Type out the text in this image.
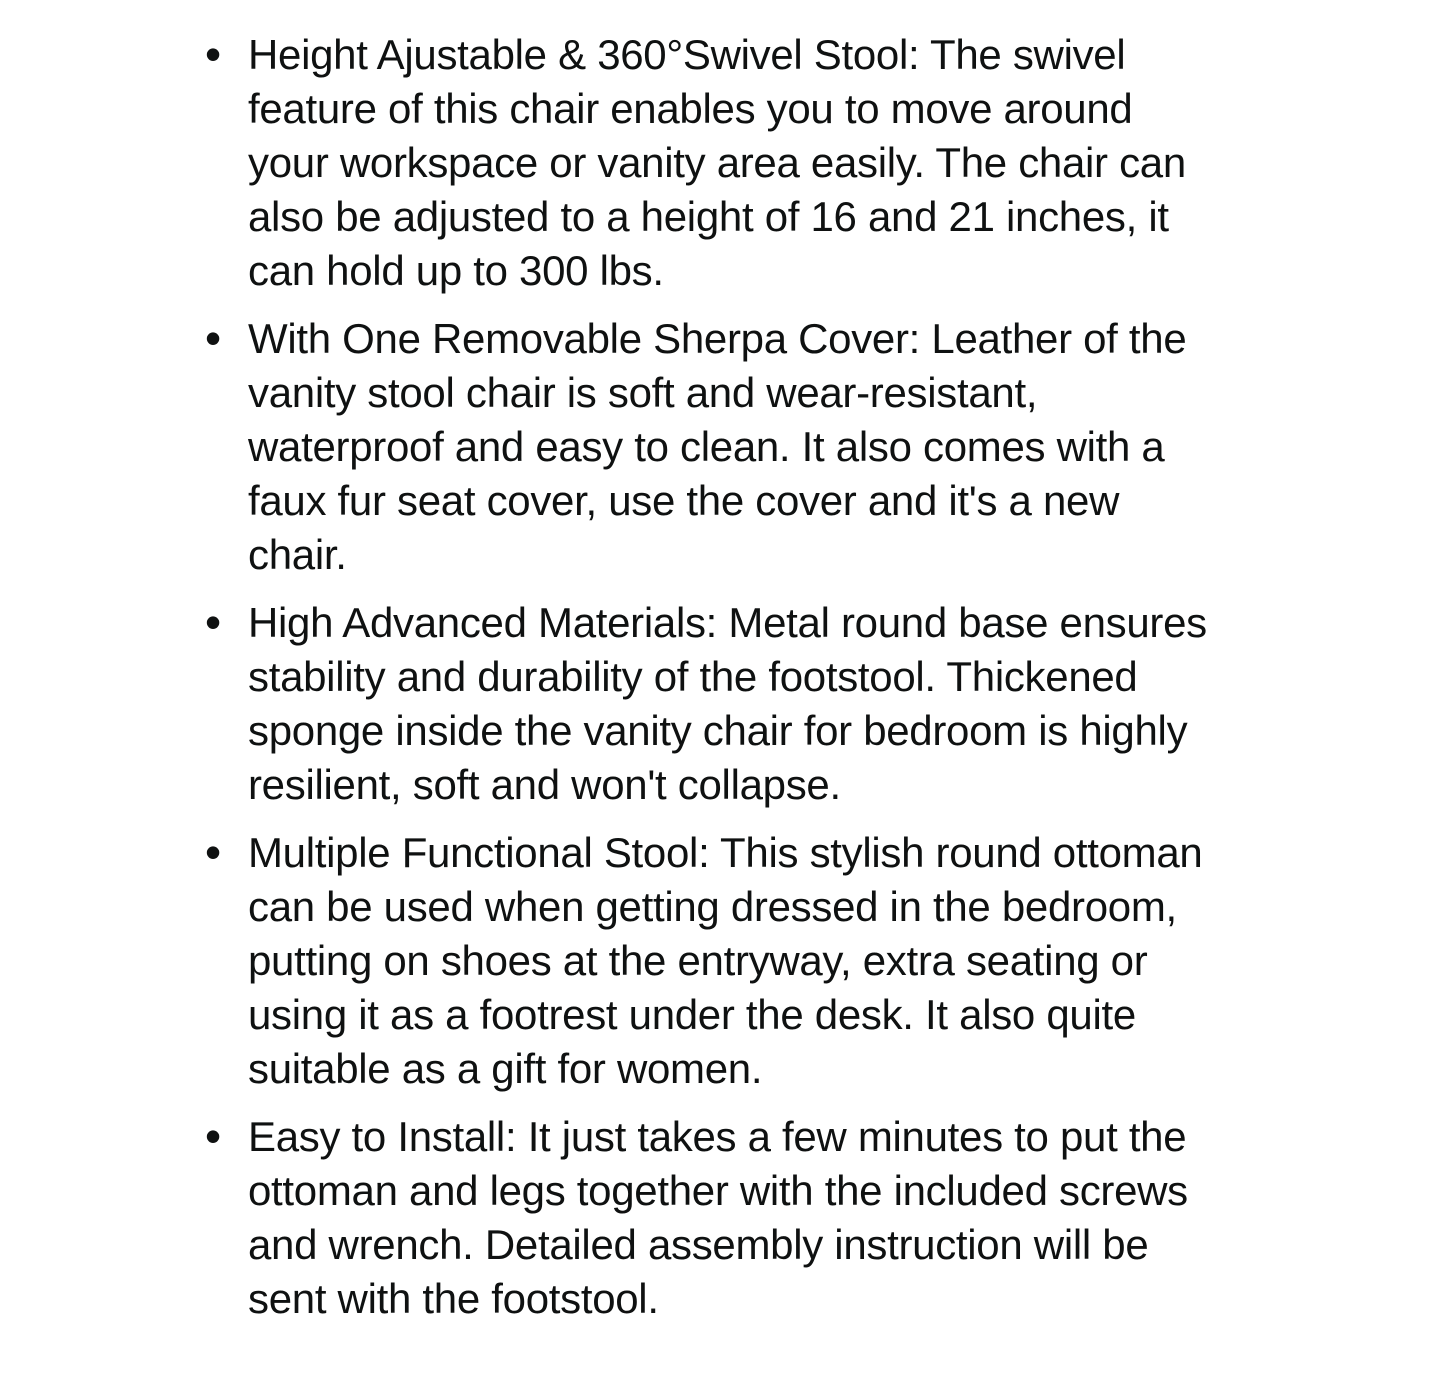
• Height Ajustable & 360°Swivel Stool: The swivel feature of this chair enables you to move around your workspace or vanity area easily. The chair can also be adjusted to a height of 16 and 21 inches, it can hold up to 300 lbs.
• With One Removable Sherpa Cover: Leather of the vanity stool chair is soft and wear-resistant, waterproof and easy to clean. It also comes with a faux fur seat cover, use the cover and it's a new chair.
• High Advanced Materials: Metal round base ensures stability and durability of the footstool. Thickened sponge inside the vanity chair for bedroom is highly resilient, soft and won't collapse.
• Multiple Functional Stool: This stylish round ottoman can be used when getting dressed in the bedroom, putting on shoes at the entryway, extra seating or using it as a footrest under the desk. It also quite suitable as a gift for women.
• Easy to Install: It just takes a few minutes to put the ottoman and legs together with the included screws and wrench. Detailed assembly instruction will be sent with the footstool.
